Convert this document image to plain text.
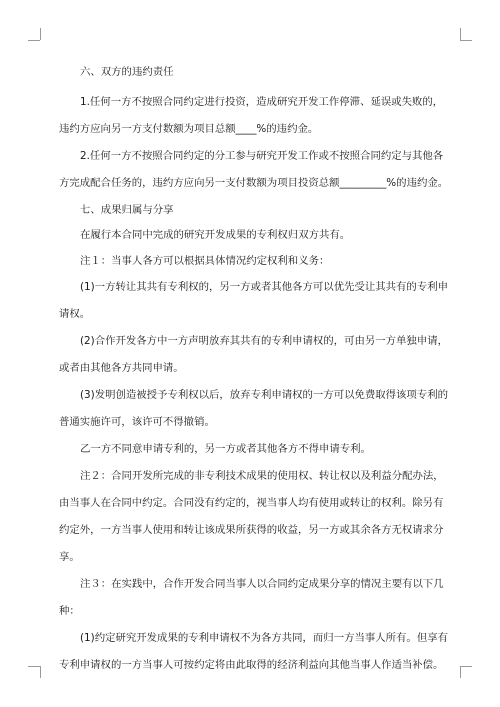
六、双方的违约责任
1.任何一方不按照合同约定进行投资，造成研究开发工作停滞、延误或失败的，
违约方应向另一方支付数额为项目总额____%的违约金。
2.任何一方不按照合同约定的分工参与研究开发工作或不按照合同约定与其他各
方完成配合任务的，违约方应向另一支付数额为项目投资总额_________%的违约金。
七、成果归属与分享
在履行本合同中完成的研究开发成果的专利权归双方共有。
注１：当事人各方可以根据具体情况约定权利和义务：
(1)一方转让其共有专利权的，另一方或者其他各方可以优先受让其共有的专利申
请权。
(2)合作开发各方中一方声明放弃其共有的专利申请权的，可由另一方单独申请，
或者由其他各方共同申请。
(3)发明创造被授予专利权以后，放弃专利申请权的一方可以免费取得该项专利的
普通实施许可，该许可不得撤销。
乙一方不同意申请专利的，另一方或者其他各方不得申请专利。
注２：合同开发所完成的非专利技术成果的使用权、转让权以及利益分配办法，
由当事人在合同中约定。合同没有约定的，视当事人均有使用或转让的权利。除另有
约定外，一方当事人使用和转让该成果所获得的收益，另一方或其余各方无权请求分
享。
注３：在实践中，合作开发合同当事人以合同约定成果分享的情况主要有以下几
种：
(1)约定研究开发成果的专利申请权不为各方共同，而归一方当事人所有。但享有
专利申请权的一方当事人可按约定将由此取得的经济利益向其他当事人作适当补偿。
